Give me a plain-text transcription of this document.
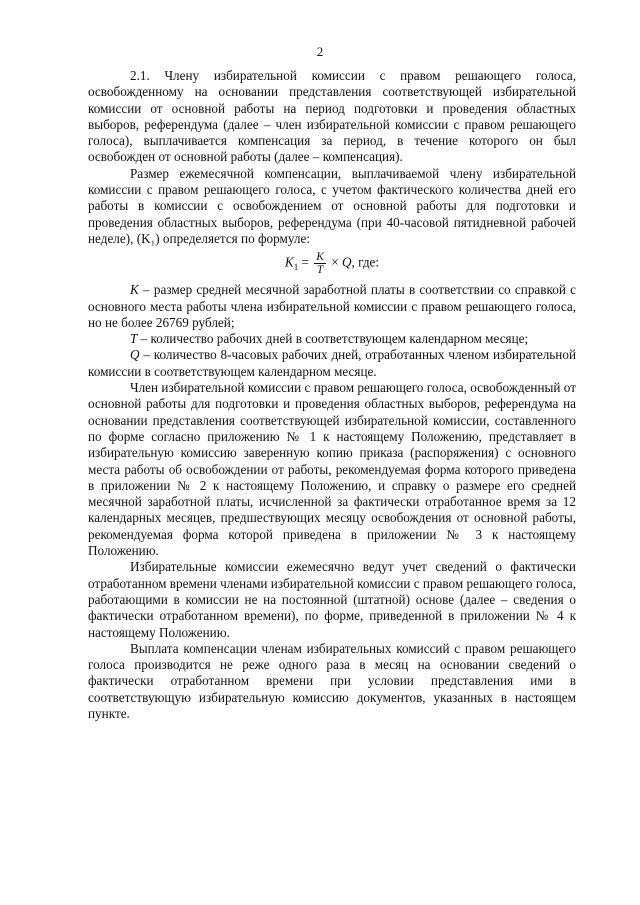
2

2.1. Члену избирательной комиссии с правом решающего голоса, освобожденному на основании представления соответствующей избирательной комиссии от основной работы на период подготовки и проведения областных выборов, референдума (далее – член избирательной комиссии с правом решающего голоса), выплачивается компенсация за период, в течение которого он был освобожден от основной работы (далее – компенсация).

Размер ежемесячной компенсации, выплачиваемой члену избирательной комиссии с правом решающего голоса, с учетом фактического количества дней его работы в комиссии с освобождением от основной работы для подготовки и проведения областных выборов, референдума (при 40-часовой пятидневной рабочей неделе), (K₁) определяется по формуле:

$K_1 = \frac{K}{T} \times Q$, где:

K – размер средней месячной заработной платы в соответствии со справкой с основного места работы члена избирательной комиссии с правом решающего голоса, но не более 26769 рублей;

T – количество рабочих дней в соответствующем календарном месяце;

Q – количество 8-часовых рабочих дней, отработанных членом избирательной комиссии в соответствующем календарном месяце.

Член избирательной комиссии с правом решающего голоса, освобожденный от основной работы для подготовки и проведения областных выборов, референдума на основании представления соответствующей избирательной комиссии, составленного по форме согласно приложению № 1 к настоящему Положению, представляет в избирательную комиссию заверенную копию приказа (распоряжения) с основного места работы об освобождении от работы, рекомендуемая форма которого приведена в приложении № 2 к настоящему Положению, и справку о размере его средней месячной заработной платы, исчисленной за фактически отработанное время за 12 календарных месяцев, предшествующих месяцу освобождения от основной работы, рекомендуемая форма которой приведена в приложении № 3 к настоящему Положению.

Избирательные комиссии ежемесячно ведут учет сведений о фактически отработанном времени членами избирательной комиссии с правом решающего голоса, работающими в комиссии не на постоянной (штатной) основе (далее – сведения о фактически отработанном времени), по форме, приведенной в приложении № 4 к настоящему Положению.

Выплата компенсации членам избирательных комиссий с правом решающего голоса производится не реже одного раза в месяц на основании сведений о фактически отработанном времени при условии представления ими в соответствующую избирательную комиссию документов, указанных в настоящем пункте.
